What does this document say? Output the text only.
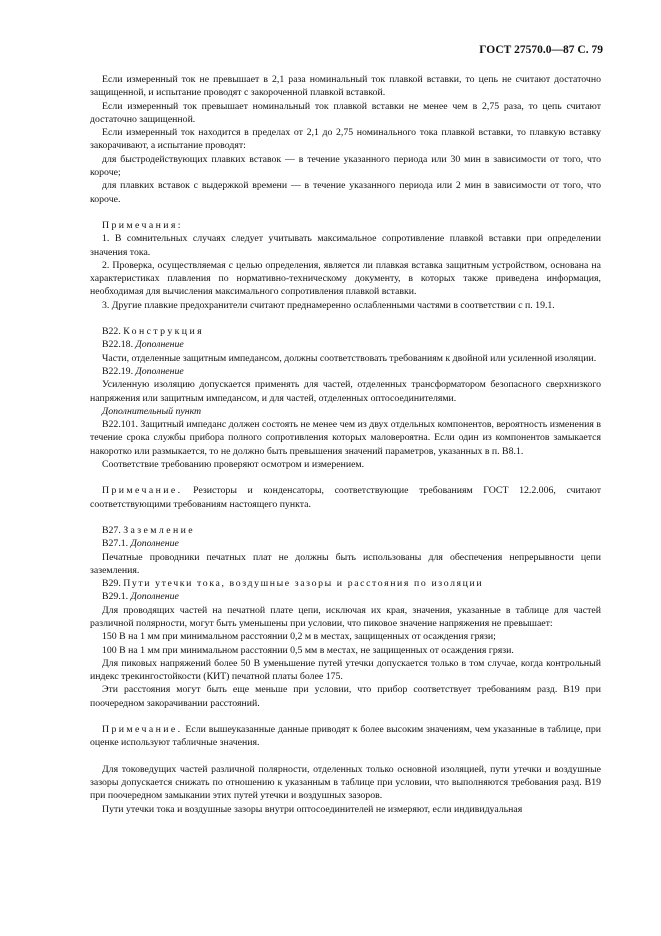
ГОСТ 27570.0—87 С. 79

Если измеренный ток не превышает в 2,1 раза номинальный ток плавкой вставки, то цепь не считают достаточно защищенной, и испытание проводят с закороченной плавкой вставкой.

Если измеренный ток превышает номинальный ток плавкой вставки не менее чем в 2,75 раза, то цепь считают достаточно защищенной.

Если измеренный ток находится в пределах от 2,1 до 2,75 номинального тока плавкой вставки, то плавкую вставку закорачивают, а испытание проводят:

для быстродействующих плавких вставок — в течение указанного периода или 30 мин в зависимости от того, что короче;

для плавких вставок с выдержкой времени — в течение указанного периода или 2 мин в зависимости от того, что короче.

Примечания:

1. В сомнительных случаях следует учитывать максимальное сопротивление плавкой вставки при определении значения тока.

2. Проверка, осуществляемая с целью определения, является ли плавкая вставка защитным устройством, основана на характеристиках плавления по нормативно-техническому документу, в которых также приведена информация, необходимая для вычисления максимального сопротивления плавкой вставки.

3. Другие плавкие предохранители считают преднамеренно ослабленными частями в соответствии с п. 19.1.

B22. Конструкция

B22.18. Дополнение

Части, отделенные защитным импедансом, должны соответствовать требованиям к двойной или усиленной изоляции.

B22.19. Дополнение

Усиленную изоляцию допускается применять для частей, отделенных трансформатором безопасного сверхнизкого напряжения или защитным импедансом, и для частей, отделенных оптосоединителями.

Дополнительный пункт

B22.101. Защитный импеданс должен состоять не менее чем из двух отдельных компонентов, вероятность изменения в течение срока службы прибора полного сопротивления которых маловероятна. Если один из компонентов замыкается накоротко или размыкается, то не должно быть превышения значений параметров, указанных в п. B8.1.

Соответствие требованию проверяют осмотром и измерением.

Примечание. Резисторы и конденсаторы, соответствующие требованиям ГОСТ 12.2.006, считают соответствующими требованиям настоящего пункта.

B27. Заземление

B27.1. Дополнение

Печатные проводники печатных плат не должны быть использованы для обеспечения непрерывности цепи заземления.

B29. Пути утечки тока, воздушные зазоры и расстояния по изоляции

B29.1. Дополнение

Для проводящих частей на печатной плате цепи, исключая их края, значения, указанные в таблице для частей различной полярности, могут быть уменьшены при условии, что пиковое значение напряжения не превышает:

150 В на 1 мм при минимальном расстоянии 0,2 м в местах, защищенных от осаждения грязи;

100 В на 1 мм при минимальном расстоянии 0,5 мм в местах, не защищенных от осаждения грязи.

Для пиковых напряжений более 50 В уменьшение путей утечки допускается только в том случае, когда контрольный индекс трекингостойкости (КИТ) печатной платы более 175.

Эти расстояния могут быть еще меньше при условии, что прибор соответствует требованиям разд. B19 при поочередном закорачивании расстояний.

Примечание. Если вышеуказанные данные приводят к более высоким значениям, чем указанные в таблице, при оценке используют табличные значения.

Для токоведущих частей различной полярности, отделенных только основной изоляцией, пути утечки и воздушные зазоры допускается снижать по отношению к указанным в таблице при условии, что выполняются требования разд. B19 при поочередном замыкании этих путей утечки и воздушных зазоров.

Пути утечки тока и воздушные зазоры внутри оптосоединителей не измеряют, если индивидуальная
